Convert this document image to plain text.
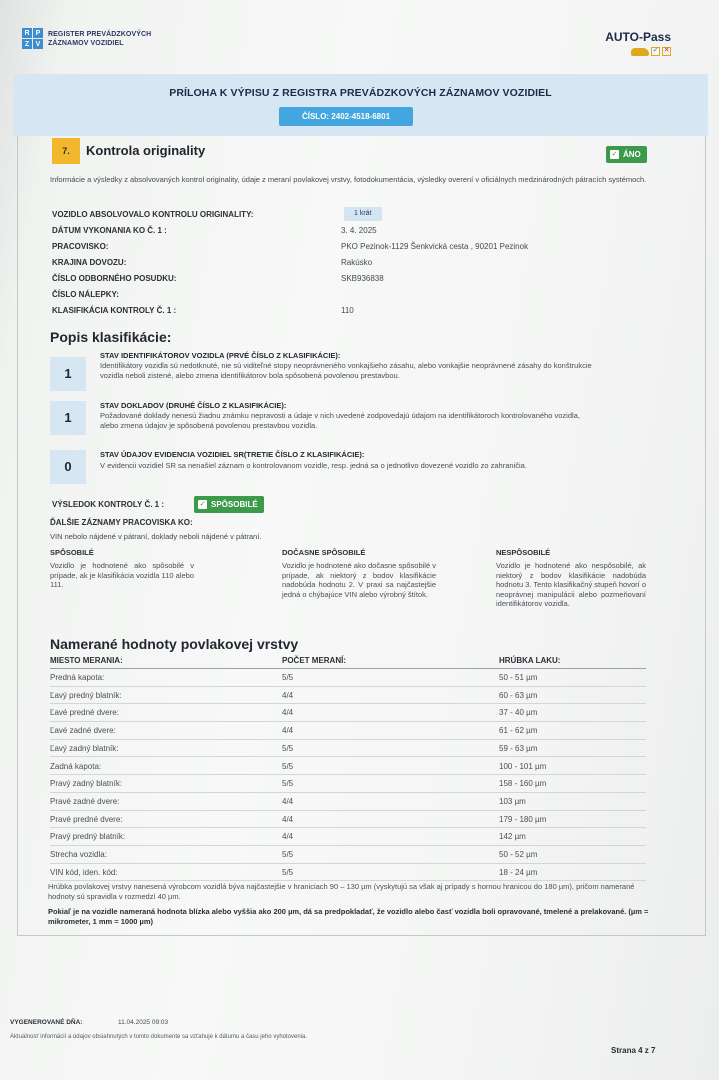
R P
Z V
REGISTER PREVÁDZKOVÝCH
ZÁZNAMOV VOZIDIEL	AUTO-Pass
✓ ✕
PRÍLOHA K VÝPISU Z REGISTRA PREVÁDZKOVÝCH ZÁZNAMOV VOZIDIEL
ČÍSLO: 2402-4518-6801
7.	Kontrola originality	✓ ÁNO
Informácie a výsledky z absolvovaných kontrol originality, údaje z meraní povlakovej vrstvy, fotodokumentácia, výsledky overení v oficiálnych medzinárodných pátracích systémoch.
VOZIDLO ABSOLVOVALO KONTROLU ORIGINALITY:	1 krát
DÁTUM VYKONANIA KO Č. 1 :	3. 4. 2025
PRACOVISKO:	PKO Pezinok-1129 Šenkvická cesta , 90201 Pezinok
KRAJINA DOVOZU:	Rakúsko
ČÍSLO ODBORNÉHO POSUDKU:	SKB936838
ČÍSLO NÁLEPKY:
KLASIFIKÁCIA KONTROLY Č. 1 :	110
Popis klasifikácie:
1
STAV IDENTIFIKÁTOROV VOZIDLA (PRVÉ ČÍSLO Z KLASIFIKÁCIE):
Identifikátory vozidla sú nedotknuté, nie sú viditeľné stopy neoprávneného vonkajšieho zásahu, alebo vonkajšie neoprávnené zásahy do konštrukcie vozidla neboli zistené, alebo zmena identifikátorov bola spôsobená povolenou prestavbou.
1
STAV DOKLADOV (DRUHÉ ČÍSLO Z KLASIFIKÁCIE):
Požadované doklady nenesú žiadnu známku nepravosti a údaje v nich uvedené zodpovedajú údajom na identifikátoroch kontrolovaného vozidla, alebo zmena údajov je spôsobená povolenou prestavbou vozidla.
0
STAV ÚDAJOV EVIDENCIA VOZIDIEL SR(TRETIE ČÍSLO Z KLASIFIKÁCIE):
V evidencii vozidiel SR sa nenašiel záznam o kontrolovanom vozidle, resp. jedná sa o jednotlivo dovezené vozidlo zo zahraničia.
VÝSLEDOK KONTROLY Č. 1 :	✓ SPÔSOBILÉ
ĎALŠIE ZÁZNAMY PRACOVISKA KO:
VIN nebolo nájdené v pátraní, doklady neboli nájdené v pátraní.
SPÔSOBILÉ
Vozidlo je hodnotené ako spôsobilé v prípade, ak je klasifikácia vozidla 110 alebo 111.
DOČASNE SPÔSOBILÉ
Vozidlo je hodnotené ako dočasne spôsobilé v prípade, ak niektorý z bodov klasifikácie nadobúda hodnotu 2. V praxi sa najčastejšie jedná o chýbajúce VIN alebo výrobný štítok.
NESPÔSOBILÉ
Vozidlo je hodnotené ako nespôsobilé, ak niektorý z bodov klasifikácie nadobúda hodnotu 3. Tento klasifikačný stupeň hovorí o neoprávnej manipulácii alebo pozmeňovaní identifikátorov vozidla.
Namerané hodnoty povlakovej vrstvy
MIESTO MERANIA:	POČET MERANÍ:	HRÚBKA LAKU:
Predná kapota:	5/5	50 - 51 µm
Ľavý predný blatník:	4/4	60 - 63 µm
Ľavé predné dvere:	4/4	37 - 40 µm
Ľavé zadné dvere:	4/4	61 - 62 µm
Ľavý zadný blatník:	5/5	59 - 63 µm
Zadná kapota:	5/5	100 - 101 µm
Pravý zadný blatník:	5/5	158 - 160 µm
Pravé zadné dvere:	4/4	103 µm
Pravé predné dvere:	4/4	179 - 180 µm
Pravý predný blatník:	4/4	142 µm
Strecha vozidla:	5/5	50 - 52 µm
VIN kód, iden. kód:	5/5	18 - 24 µm
Hrúbka povlakovej vrstvy nanesená výrobcom vozidlá býva najčastejšie v hraniciach 90 – 130 µm (vyskytujú sa však aj prípady s hornou hranicou do 180 µm), pričom namerané hodnoty sú spravidla v rozmedzí 40 µm.
Pokiaľ je na vozidle nameraná hodnota blízka alebo vyššia ako 200 µm, dá sa predpokladať, že vozidlo alebo časť vozidla boli opravované, tmelené a prelakované. (µm = mikrometer, 1 mm = 1000 µm)
VYGENEROVANÉ DŇA:	11.04.2025 09:03
Aktuálnosť informácií a údajov obsiahnutých v tomto dokumente sa vzťahuje k dátumu a času jeho vyhotovenia.
Strana 4 z 7
